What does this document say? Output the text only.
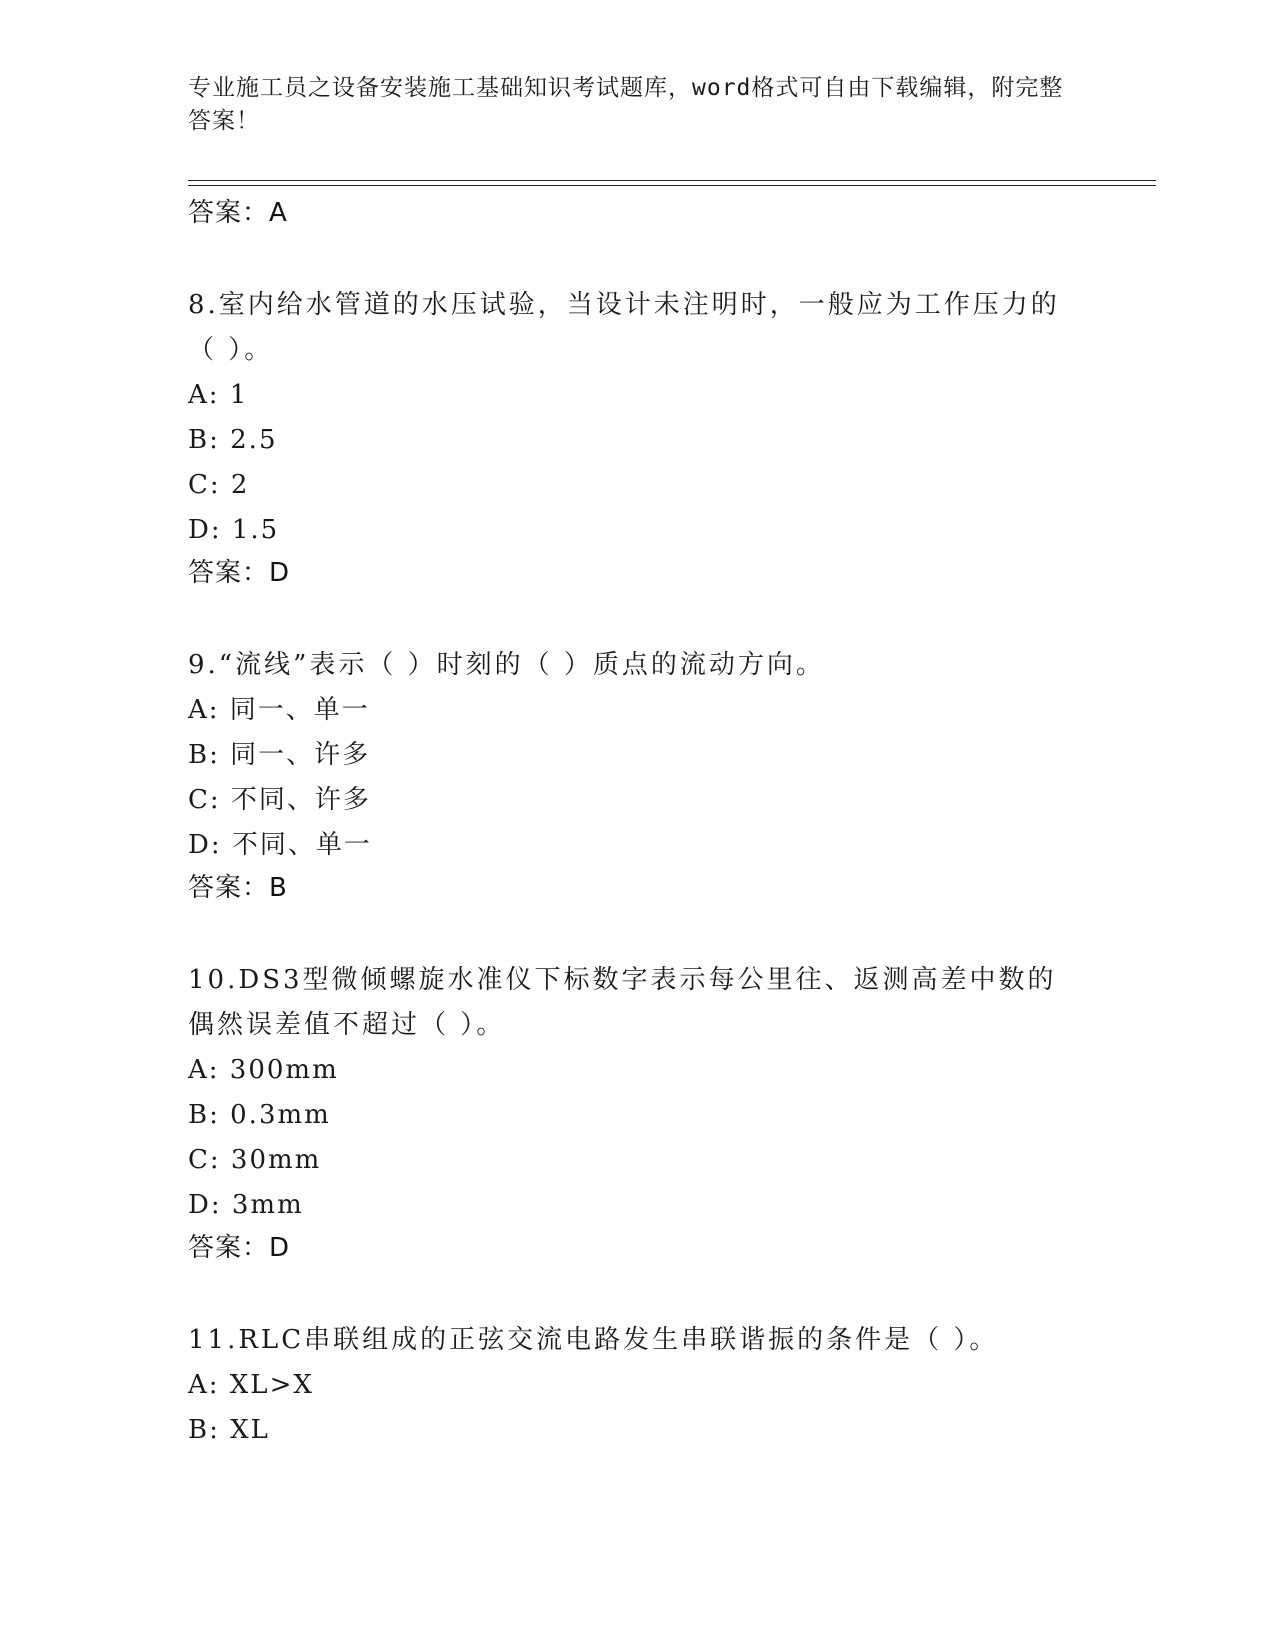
专业施工员之设备安装施工基础知识考试题库，word格式可自由下载编辑，附完整答案！

答案：A

8.室内给水管道的水压试验，当设计未注明时，一般应为工作压力的（ ）。

A: 1

B: 2.5

C: 2

D: 1.5

答案：D

9.“流线”表示（ ）时刻的（ ）质点的流动方向。

A: 同一、单一

B: 同一、许多

C: 不同、许多

D: 不同、单一

答案：B

10.DS3型微倾螺旋水准仪下标数字表示每公里往、返测高差中数的偶然误差值不超过（ ）。

A: 300mm

B: 0.3mm

C: 30mm

D: 3mm

答案：D

11.RLC串联组成的正弦交流电路发生串联谐振的条件是（ ）。

A: XL>X

B: XL
